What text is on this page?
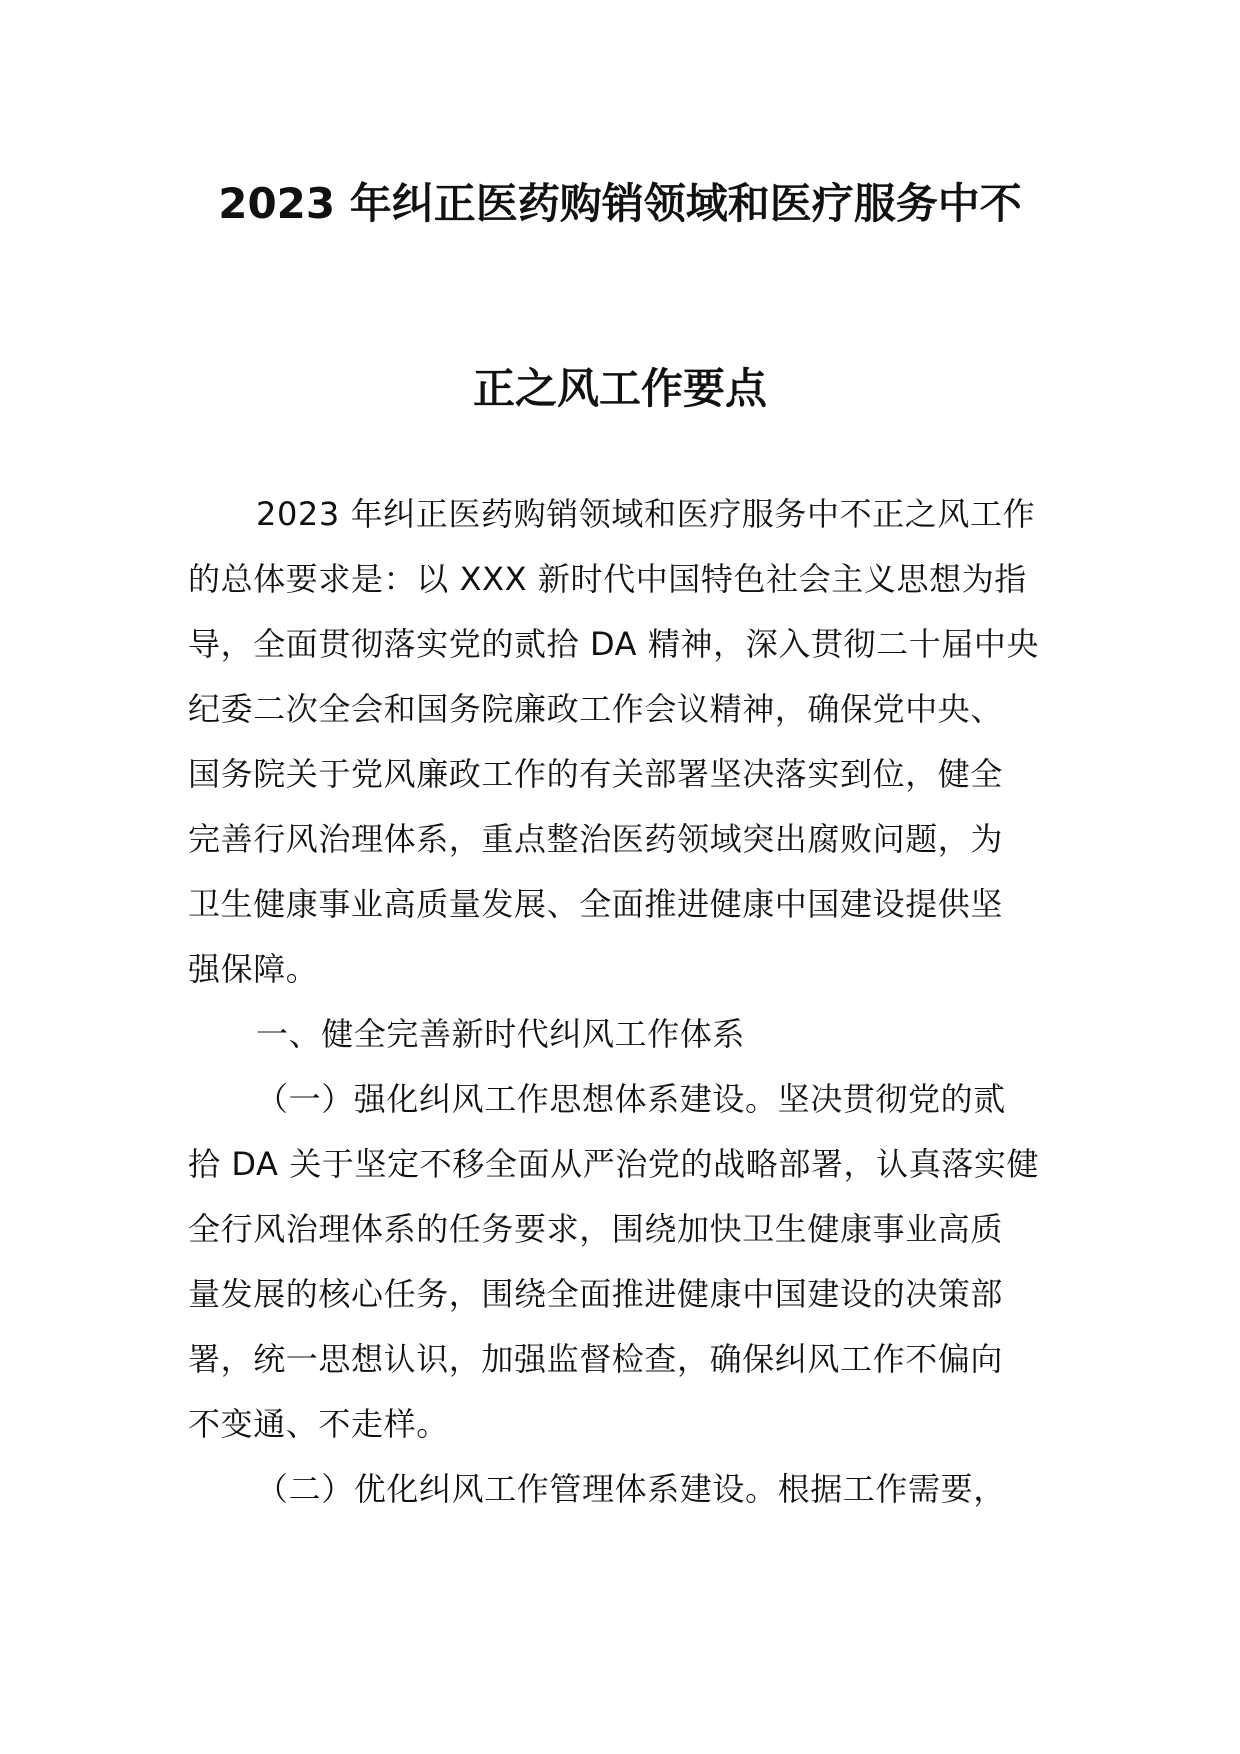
2023 年纠正医药购销领域和医疗服务中不
正之风工作要点
2023 年纠正医药购销领域和医疗服务中不正之风工作
的总体要求是：以 XXX 新时代中国特色社会主义思想为指
导，全面贯彻落实党的贰拾 DA 精神，深入贯彻二十届中央
纪委二次全会和国务院廉政工作会议精神，确保党中央、
国务院关于党风廉政工作的有关部署坚决落实到位，健全
完善行风治理体系，重点整治医药领域突出腐败问题，为
卫生健康事业高质量发展、全面推进健康中国建设提供坚
强保障。
一、健全完善新时代纠风工作体系
（一）强化纠风工作思想体系建设。坚决贯彻党的贰
拾 DA 关于坚定不移全面从严治党的战略部署，认真落实健
全行风治理体系的任务要求，围绕加快卫生健康事业高质
量发展的核心任务，围绕全面推进健康中国建设的决策部
署，统一思想认识，加强监督检查，确保纠风工作不偏向
不变通、不走样。
（二）优化纠风工作管理体系建设。根据工作需要，
